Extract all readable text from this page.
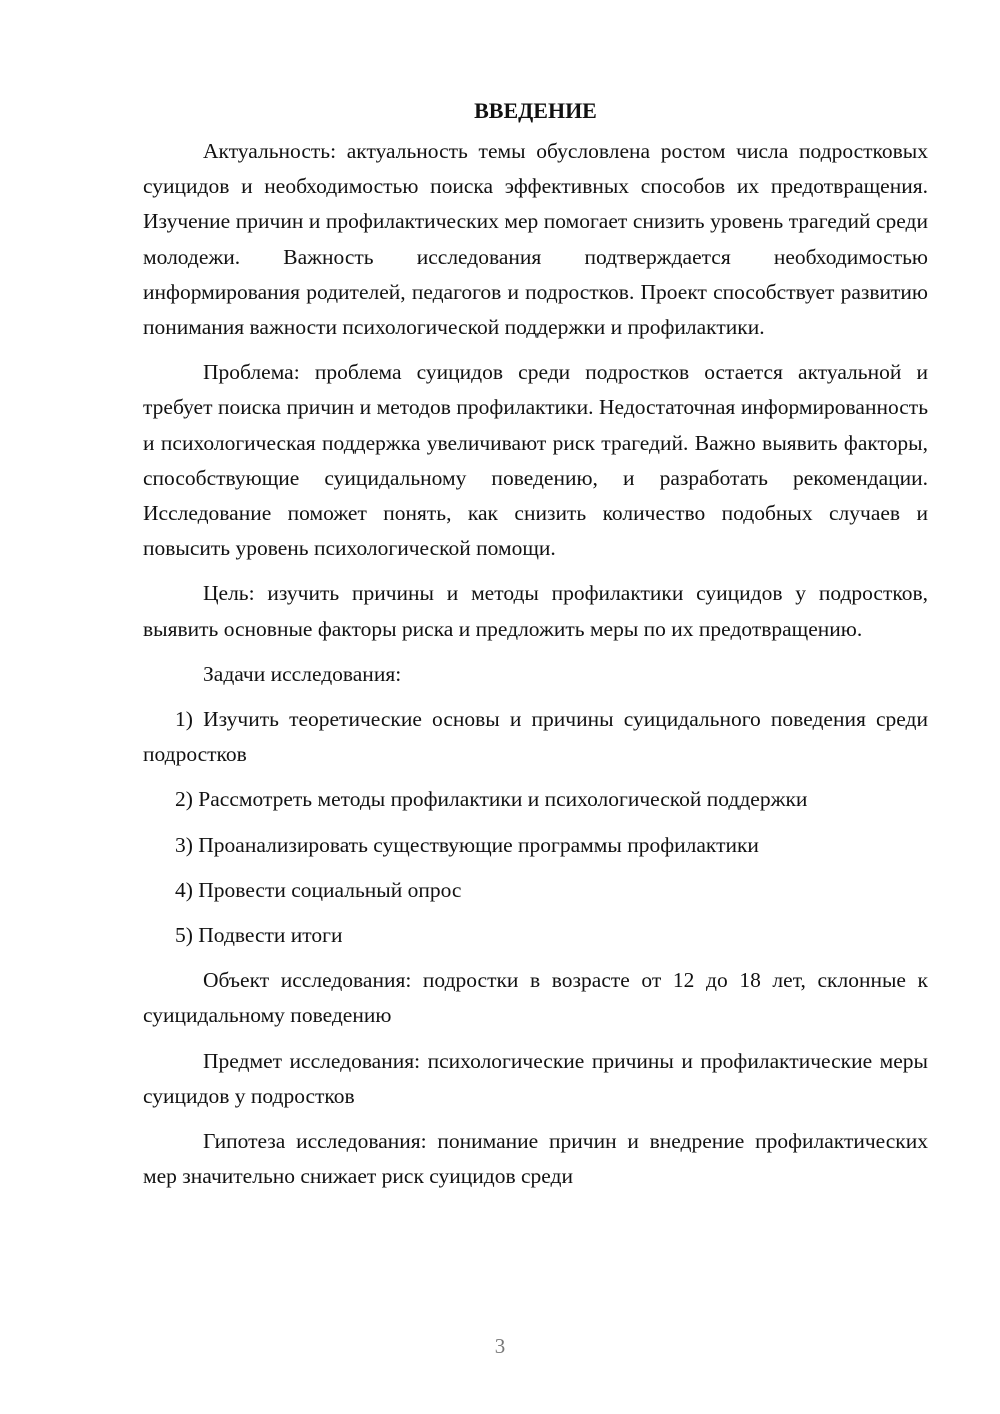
ВВЕДЕНИЕ

Актуальность: актуальность темы обусловлена ростом числа подростковых суицидов и необходимостью поиска эффективных способов их предотвращения. Изучение причин и профилактических мер помогает снизить уровень трагедий среди молодежи. Важность исследования подтверждается необходимостью информирования родителей, педагогов и подростков. Проект способствует развитию понимания важности психологической поддержки и профилактики.

Проблема: проблема суицидов среди подростков остается актуальной и требует поиска причин и методов профилактики. Недостаточная информированность и психологическая поддержка увеличивают риск трагедий. Важно выявить факторы, способствующие суицидальному поведению, и разработать рекомендации. Исследование поможет понять, как снизить количество подобных случаев и повысить уровень психологической помощи.

Цель: изучить причины и методы профилактики суицидов у подростков, выявить основные факторы риска и предложить меры по их предотвращению.

Задачи исследования:

1) Изучить теоретические основы и причины суицидального поведения среди подростков

2) Рассмотреть методы профилактики и психологической поддержки

3) Проанализировать существующие программы профилактики

4) Провести социальный опрос

5) Подвести итоги

Объект исследования: подростки в возрасте от 12 до 18 лет, склонные к суицидальному поведению

Предмет исследования: психологические причины и профилактические меры суицидов у подростков

Гипотеза исследования: понимание причин и внедрение профилактических мер значительно снижает риск суицидов среди

3
